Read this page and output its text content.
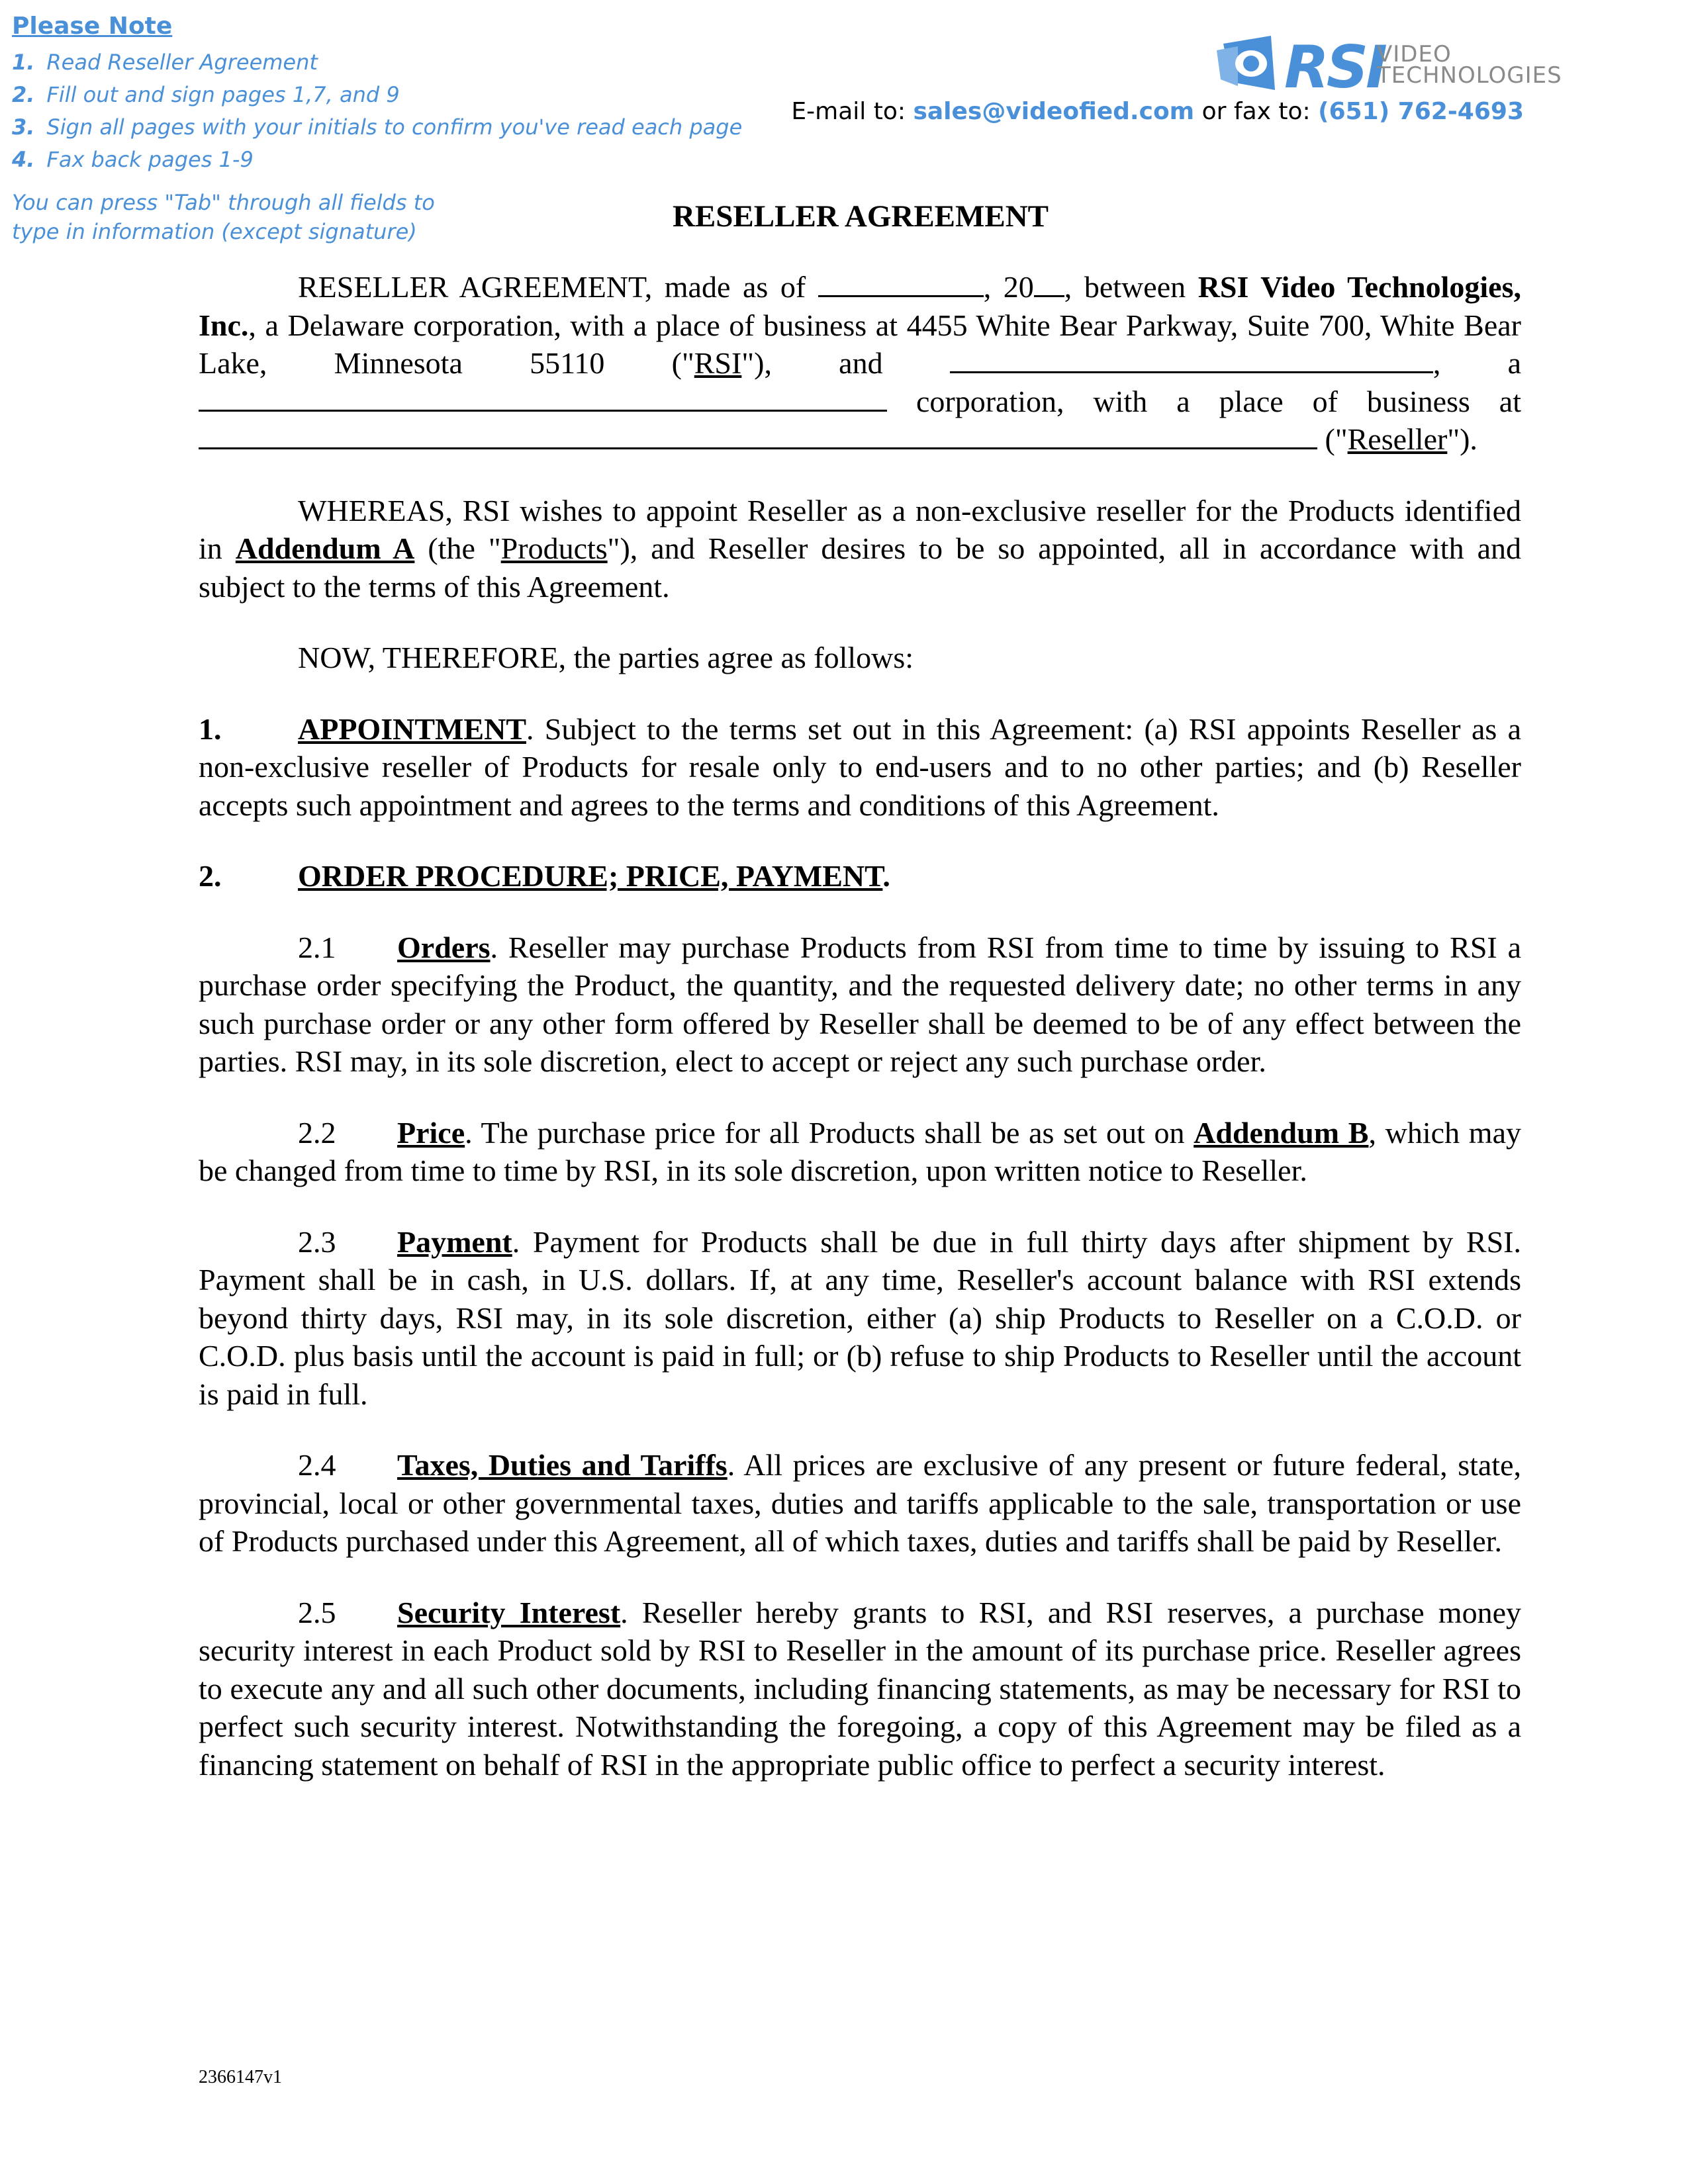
Please Note
1. Read Reseller Agreement
2. Fill out and sign pages 1,7, and 9
3. Sign all pages with your initials to confirm you've read each page
4. Fax back pages 1-9
You can press "Tab" through all fields to
type in information (except signature)
RSI
VIDEO
TECHNOLOGIES
E-mail to: sales@videofied.com or fax to: (651) 762-4693
RESELLER AGREEMENT

RESELLER AGREEMENT, made as of	, 20 , between RSI Video Technologies, Inc., a Delaware corporation, with a place of business at 4455 White Bear Parkway, Suite 700, White Bear Lake, Minnesota 55110 ("RSI"), and	, a  corporation, with a place of business at  ("Reseller").

WHEREAS, RSI wishes to appoint Reseller as a non-exclusive reseller for the Products identified in Addendum A (the "Products"), and Reseller desires to be so appointed, all in accordance with and subject to the terms of this Agreement.

NOW, THEREFORE, the parties agree as follows:

1.	APPOINTMENT. Subject to the terms set out in this Agreement: (a) RSI appoints Reseller as a non-exclusive reseller of Products for resale only to end-users and to no other parties; and (b) Reseller accepts such appointment and agrees to the terms and conditions of this Agreement.

2.	ORDER PROCEDURE; PRICE, PAYMENT.

2.1 Orders. Reseller may purchase Products from RSI from time to time by issuing to RSI a purchase order specifying the Product, the quantity, and the requested delivery date; no other terms in any such purchase order or any other form offered by Reseller shall be deemed to be of any effect between the parties. RSI may, in its sole discretion, elect to accept or reject any such purchase order.

2.2 Price. The purchase price for all Products shall be as set out on Addendum B, which may be changed from time to time by RSI, in its sole discretion, upon written notice to Reseller.

2.3 Payment. Payment for Products shall be due in full thirty days after shipment by RSI. Payment shall be in cash, in U.S. dollars. If, at any time, Reseller's account balance with RSI extends beyond thirty days, RSI may, in its sole discretion, either (a) ship Products to Reseller on a C.O.D. or C.O.D. plus basis until the account is paid in full; or (b) refuse to ship Products to Reseller until the account is paid in full.

2.4 Taxes, Duties and Tariffs. All prices are exclusive of any present or future federal, state, provincial, local or other governmental taxes, duties and tariffs applicable to the sale, transportation or use of Products purchased under this Agreement, all of which taxes, duties and tariffs shall be paid by Reseller.

2.5 Security Interest. Reseller hereby grants to RSI, and RSI reserves, a purchase money security interest in each Product sold by RSI to Reseller in the amount of its purchase price. Reseller agrees to execute any and all such other documents, including financing statements, as may be necessary for RSI to perfect such security interest. Notwithstanding the foregoing, a copy of this Agreement may be filed as a financing statement on behalf of RSI in the appropriate public office to perfect a security interest.

2366147v1
